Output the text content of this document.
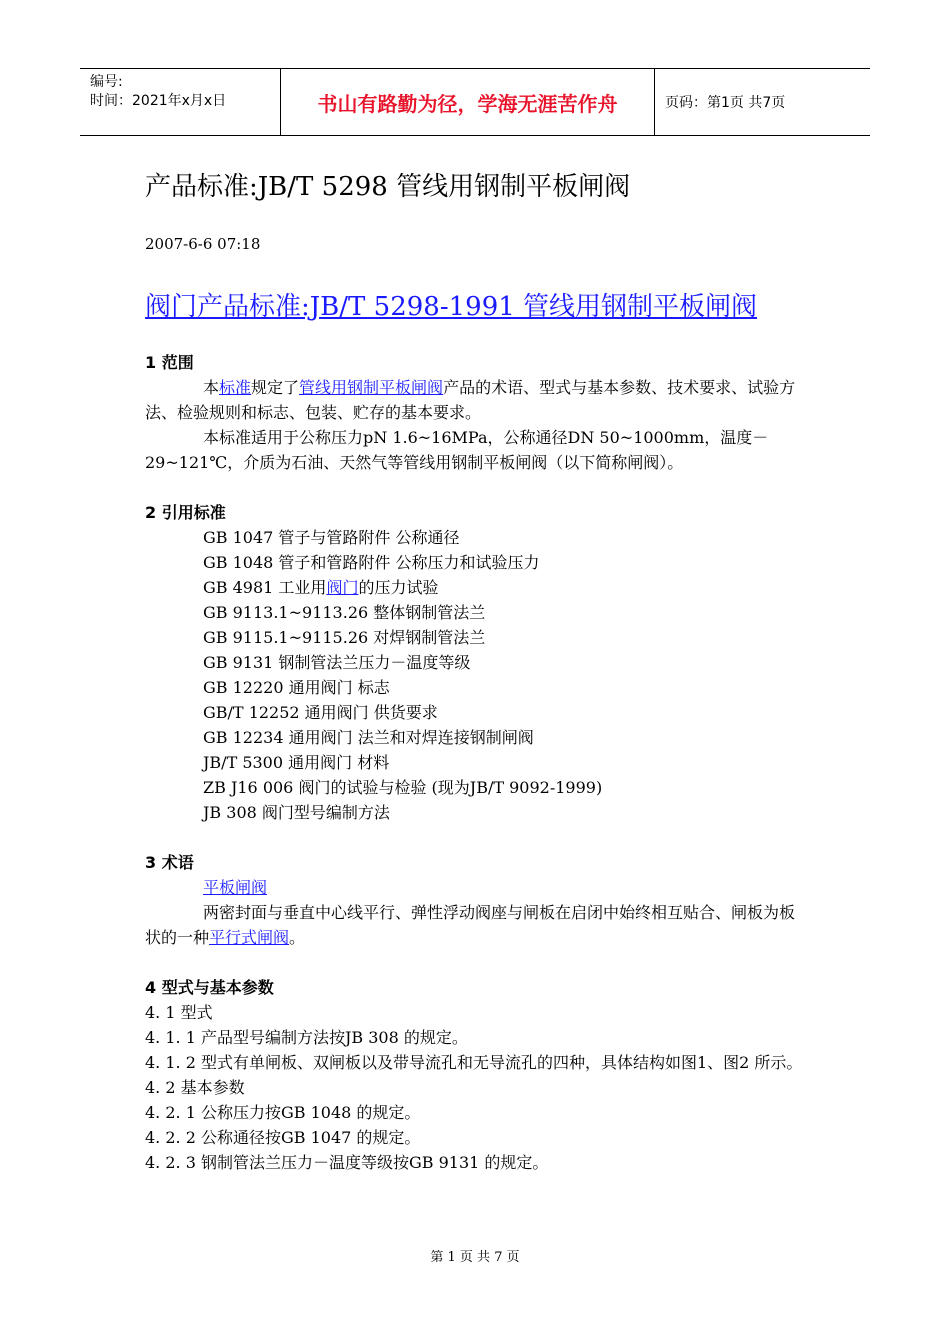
编号:
时间：2021年x月x日	书山有路勤为径，学海无涯苦作舟	页码：第1页 共7页
产品标准:JB/T 5298 管线用钢制平板闸阀
2007-6-6 07:18
阀门产品标准:JB/T 5298-1991 管线用钢制平板闸阀
1 范围
本标准规定了管线用钢制平板闸阀产品的术语、型式与基本参数、技术要求、试验方法、检验规则和标志、包装、贮存的基本要求。
本标准适用于公称压力pN 1.6~16MPa，公称通径DN 50~1000mm，温度－29~121℃，介质为石油、天然气等管线用钢制平板闸阀（以下简称闸阀）。
2 引用标准
GB 1047 管子与管路附件 公称通径
GB 1048 管子和管路附件 公称压力和试验压力
GB 4981 工业用阀门的压力试验
GB 9113.1~9113.26 整体钢制管法兰
GB 9115.1~9115.26 对焊钢制管法兰
GB 9131 钢制管法兰压力－温度等级
GB 12220 通用阀门 标志
GB/T 12252 通用阀门 供货要求
GB 12234 通用阀门 法兰和对焊连接钢制闸阀
JB/T 5300 通用阀门 材料
ZB J16 006 阀门的试验与检验 (现为JB/T 9092-1999)
JB 308 阀门型号编制方法
3 术语
平板闸阀
两密封面与垂直中心线平行、弹性浮动阀座与闸板在启闭中始终相互贴合、闸板为板状的一种平行式闸阀。
4 型式与基本参数
4. 1 型式
4. 1. 1 产品型号编制方法按JB 308 的规定。
4. 1. 2 型式有单闸板、双闸板以及带导流孔和无导流孔的四种，具体结构如图1、图2 所示。
4. 2 基本参数
4. 2. 1 公称压力按GB 1048 的规定。
4. 2. 2 公称通径按GB 1047 的规定。
4. 2. 3 钢制管法兰压力－温度等级按GB 9131 的规定。
第 1 页 共 7 页
